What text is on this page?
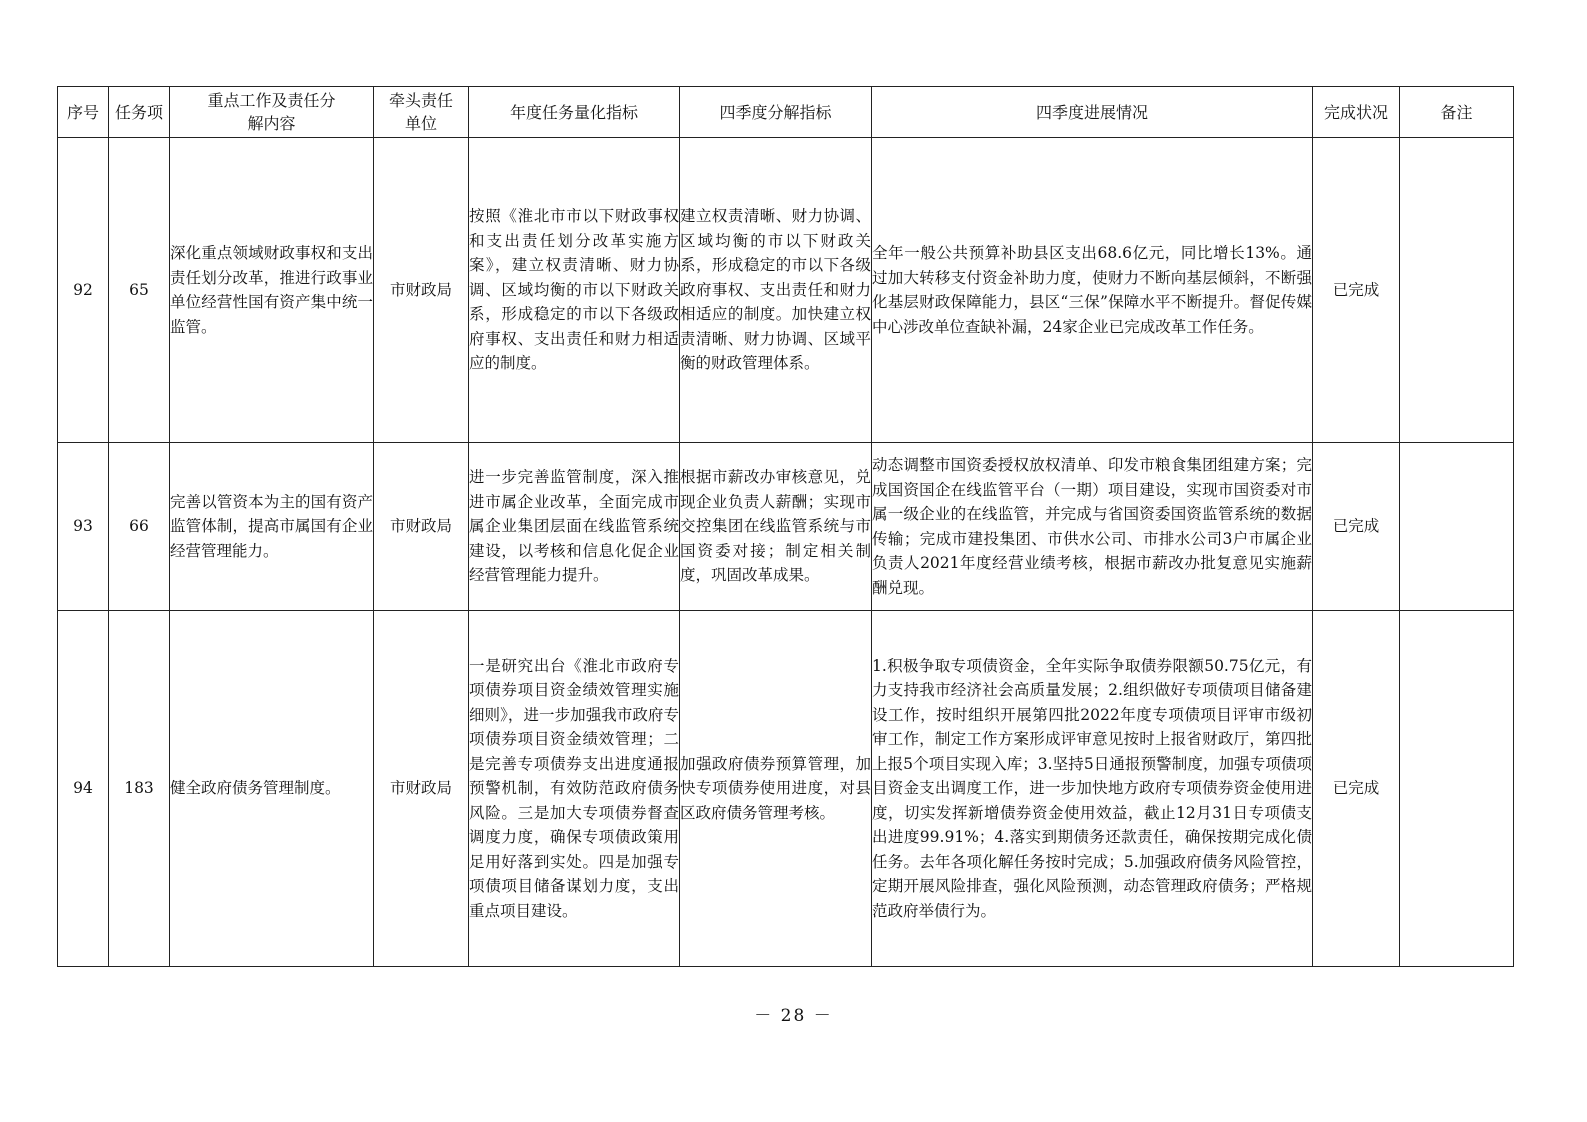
序号	任务项	重点工作及责任分解内容	牵头责任单位	年度任务量化指标	四季度分解指标	四季度进展情况	完成状况	备注
92	65	深化重点领域财政事权和支出责任划分改革，推进行政事业单位经营性国有资产集中统一监管。	市财政局	按照《淮北市市以下财政事权和支出责任划分改革实施方案》，建立权责清晰、财力协调、区域均衡的市以下财政关系，形成稳定的市以下各级政府事权、支出责任和财力相适应的制度。	建立权责清晰、财力协调、区域均衡的市以下财政关系，形成稳定的市以下各级政府事权、支出责任和财力相适应的制度。加快建立权责清晰、财力协调、区域平衡的财政管理体系。	全年一般公共预算补助县区支出68.6亿元，同比增长13%。通过加大转移支付资金补助力度，使财力不断向基层倾斜，不断强化基层财政保障能力，县区“三保”保障水平不断提升。督促传媒中心涉改单位查缺补漏，24家企业已完成改革工作任务。	已完成	
93	66	完善以管资本为主的国有资产监管体制，提高市属国有企业经营管理能力。	市财政局	进一步完善监管制度，深入推进市属企业改革，全面完成市属企业集团层面在线监管系统建设，以考核和信息化促企业经营管理能力提升。	根据市薪改办审核意见，兑现企业负责人薪酬；实现市交控集团在线监管系统与市国资委对接；制定相关制度，巩固改革成果。	动态调整市国资委授权放权清单、印发市粮食集团组建方案；完成国资国企在线监管平台（一期）项目建设，实现市国资委对市属一级企业的在线监管，并完成与省国资委国资监管系统的数据传输；完成市建投集团、市供水公司、市排水公司3户市属企业负责人2021年度经营业绩考核，根据市薪改办批复意见实施薪酬兑现。	已完成	
94	183	健全政府债务管理制度。	市财政局	一是研究出台《淮北市政府专项债券项目资金绩效管理实施细则》，进一步加强我市政府专项债券项目资金绩效管理；二是完善专项债券支出进度通报预警机制，有效防范政府债务风险。三是加大专项债券督查调度力度，确保专项债政策用足用好落到实处。四是加强专项债项目储备谋划力度，支出重点项目建设。	加强政府债券预算管理，加快专项债券使用进度，对县区政府债务管理考核。	1.积极争取专项债资金，全年实际争取债券限额50.75亿元，有力支持我市经济社会高质量发展；2.组织做好专项债项目储备建设工作，按时组织开展第四批2022年度专项债项目评审市级初审工作，制定工作方案形成评审意见按时上报省财政厅，第四批上报5个项目实现入库；3.坚持5日通报预警制度，加强专项债项目资金支出调度工作，进一步加快地方政府专项债券资金使用进度，切实发挥新增债券资金使用效益，截止12月31日专项债支出进度99.91%；4.落实到期债务还款责任，确保按期完成化债任务。去年各项化解任务按时完成；5.加强政府债务风险管控，定期开展风险排查，强化风险预测，动态管理政府债务；严格规范政府举债行为。	已完成	
－ 28 －
